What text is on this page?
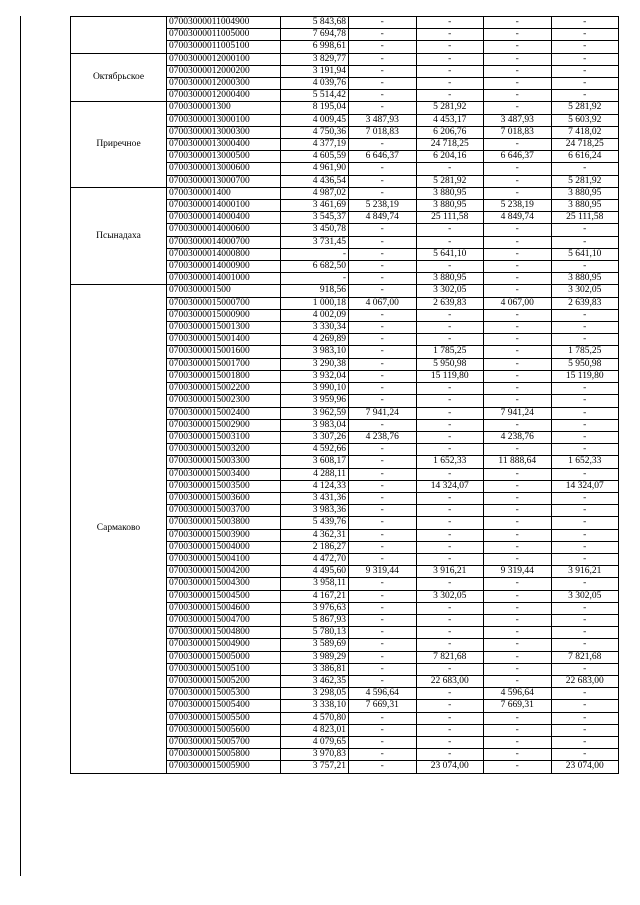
	07003000011004900	5 843,68	-	-	-	-
	07003000011005000	7 694,78	-	-	-	-
	07003000011005100	6 998,61	-	-	-	-
Октябрьское	07003000012000100	3 829,77	-	-	-	-
	07003000012000200	3 191,94	-	-	-	-
	07003000012000300	4 039,76	-	-	-	-
	07003000012000400	5 514,42	-	-	-	-
Приречное	0700300001300	8 195,04	-	5 281,92	-	5 281,92
	07003000013000100	4 009,45	3 487,93	4 453,17	3 487,93	5 603,92
	07003000013000300	4 750,36	7 018,83	6 206,76	7 018,83	7 418,02
	07003000013000400	4 377,19	-	24 718,25	-	24 718,25
	07003000013000500	4 605,59	6 646,37	6 204,16	6 646,37	6 616,24
	07003000013000600	4 961,90	-	-	-	-
	07003000013000700	4 436,54	-	5 281,92	-	5 281,92
Псынадаха	0700300001400	4 987,02	-	3 880,95	-	3 880,95
	07003000014000100	3 461,69	5 238,19	3 880,95	5 238,19	3 880,95
	07003000014000400	3 545,37	4 849,74	25 111,58	4 849,74	25 111,58
	07003000014000600	3 450,78	-	-	-	-
	07003000014000700	3 731,45	-	-	-	-
	07003000014000800	-	-	5 641,10	-	5 641,10
	07003000014000900	6 682,50	-	-	-	-
	07003000014001000	-	-	3 880,95	-	3 880,95
Сармаково	0700300001500	918,56	-	3 302,05	-	3 302,05
	07003000015000700	1 000,18	4 067,00	2 639,83	4 067,00	2 639,83
	07003000015000900	4 002,09	-	-	-	-
	07003000015001300	3 330,34	-	-	-	-
	07003000015001400	4 269,89	-	-	-	-
	07003000015001600	3 983,10	-	1 785,25	-	1 785,25
	07003000015001700	3 290,38	-	5 950,98	-	5 950,98
	07003000015001800	3 932,04	-	15 119,80	-	15 119,80
	07003000015002200	3 990,10	-	-	-	-
	07003000015002300	3 959,96	-	-	-	-
	07003000015002400	3 962,59	7 941,24	-	7 941,24	-
	07003000015002900	3 983,04	-	-	-	-
	07003000015003100	3 307,26	4 238,76	-	4 238,76	-
	07003000015003200	4 592,66	-	-	-	-
	07003000015003300	3 608,17	-	1 652,33	11 888,64	1 652,33
	07003000015003400	4 288,11	-	-	-	-
	07003000015003500	4 124,33	-	14 324,07	-	14 324,07
	07003000015003600	3 431,36	-	-	-	-
	07003000015003700	3 983,36	-	-	-	-
	07003000015003800	5 439,76	-	-	-	-
	07003000015003900	4 362,31	-	-	-	-
	07003000015004000	2 186,27	-	-	-	-
	07003000015004100	4 472,70	-	-	-	-
	07003000015004200	4 495,60	9 319,44	3 916,21	9 319,44	3 916,21
	07003000015004300	3 958,11	-	-	-	-
	07003000015004500	4 167,21	-	3 302,05	-	3 302,05
	07003000015004600	3 976,63	-	-	-	-
	07003000015004700	5 867,93	-	-	-	-
	07003000015004800	5 780,13	-	-	-	-
	07003000015004900	3 589,69	-	-	-	-
	07003000015005000	3 989,29	-	7 821,68	-	7 821,68
	07003000015005100	3 386,81	-	-	-	-
	07003000015005200	3 462,35	-	22 683,00	-	22 683,00
	07003000015005300	3 298,05	4 596,64	-	4 596,64	-
	07003000015005400	3 338,10	7 669,31	-	7 669,31	-
	07003000015005500	4 570,80	-	-	-	-
	07003000015005600	4 823,01	-	-	-	-
	07003000015005700	4 079,65	-	-	-	-
	07003000015005800	3 970,83	-	-	-	-
	07003000015005900	3 757,21	-	23 074,00	-	23 074,00
